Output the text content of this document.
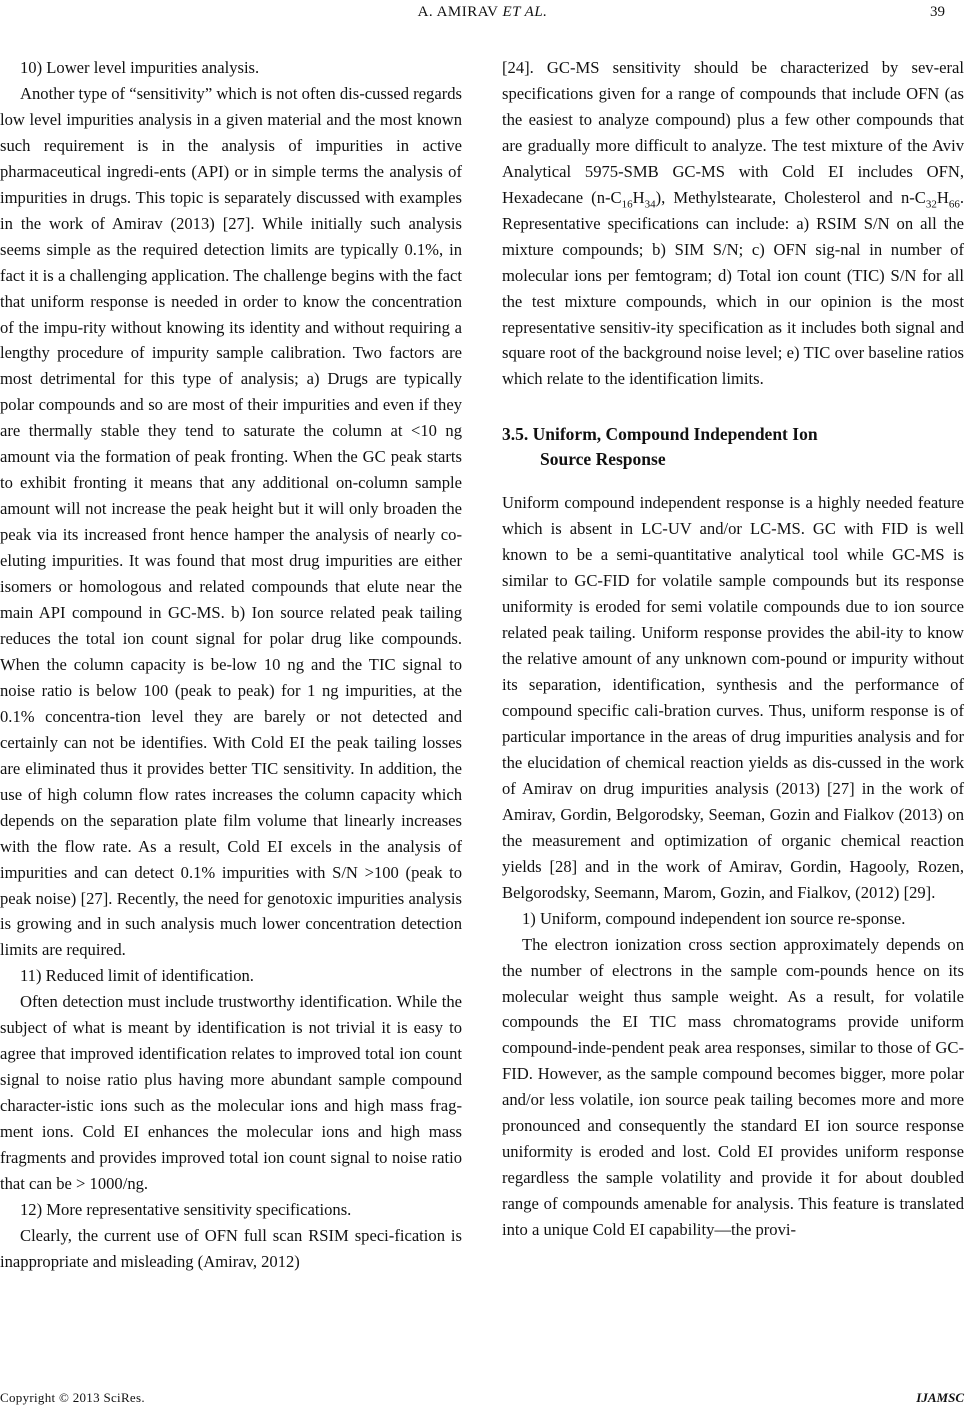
A. AMIRAV ET AL.	39

10) Lower level impurities analysis.

Another type of “sensitivity” which is not often dis-cussed regards low level impurities analysis in a given material and the most known such requirement is in the analysis of impurities in active pharmaceutical ingredi-ents (API) or in simple terms the analysis of impurities in drugs. This topic is separately discussed with examples in the work of Amirav (2013) [27]. While initially such analysis seems simple as the required detection limits are typically 0.1%, in fact it is a challenging application. The challenge begins with the fact that uniform response is needed in order to know the concentration of the impu-rity without knowing its identity and without requiring a lengthy procedure of impurity sample calibration. Two factors are most detrimental for this type of analysis; a) Drugs are typically polar compounds and so are most of their impurities and even if they are thermally stable they tend to saturate the column at <10 ng amount via the formation of peak fronting. When the GC peak starts to exhibit fronting it means that any additional on-column sample amount will not increase the peak height but it will only broaden the peak via its increased front hence hamper the analysis of nearly co-eluting impurities. It was found that most drug impurities are either isomers or homologous and related compounds that elute near the main API compound in GC-MS. b) Ion source related peak tailing reduces the total ion count signal for polar drug like compounds. When the column capacity is be-low 10 ng and the TIC signal to noise ratio is below 100 (peak to peak) for 1 ng impurities, at the 0.1% concentra-tion level they are barely or not detected and certainly can not be identifies. With Cold EI the peak tailing losses are eliminated thus it provides better TIC sensitivity. In addition, the use of high column flow rates increases the column capacity which depends on the separation plate film volume that linearly increases with the flow rate. As a result, Cold EI excels in the analysis of impurities and can detect 0.1% impurities with S/N >100 (peak to peak noise) [27]. Recently, the need for genotoxic impurities analysis is growing and in such analysis much lower concentration detection limits are required.

11) Reduced limit of identification.

Often detection must include trustworthy identification. While the subject of what is meant by identification is not trivial it is easy to agree that improved identification relates to improved total ion count signal to noise ratio plus having more abundant sample compound character-istic ions such as the molecular ions and high mass frag-ment ions. Cold EI enhances the molecular ions and high mass fragments and provides improved total ion count signal to noise ratio that can be > 1000/ng.

12) More representative sensitivity specifications.

Clearly, the current use of OFN full scan RSIM speci-fication is inappropriate and misleading (Amirav, 2012)

[24]. GC-MS sensitivity should be characterized by sev-eral specifications given for a range of compounds that include OFN (as the easiest to analyze compound) plus a few other compounds that are gradually more difficult to analyze. The test mixture of the Aviv Analytical 5975-SMB GC-MS with Cold EI includes OFN, Hexadecane $(n-C_{16}H_{34})$, Methylstearate, Cholesterol and $n-C_{32}H_{66}$. Representative specifications can include: a) RSIM S/N on all the mixture compounds; b) SIM S/N; c) OFN sig-nal in number of molecular ions per femtogram; d) Total ion count (TIC) S/N for all the test mixture compounds, which in our opinion is the most representative sensitiv-ity specification as it includes both signal and square root of the background noise level; e) TIC over baseline ratios which relate to the identification limits.

3.5. Uniform, Compound Independent Ion
Source Response

Uniform compound independent response is a highly needed feature which is absent in LC-UV and/or LC-MS. GC with FID is well known to be a semi-quantitative analytical tool while GC-MS is similar to GC-FID for volatile sample compounds but its response uniformity is eroded for semi volatile compounds due to ion source related peak tailing. Uniform response provides the abil-ity to know the relative amount of any unknown com-pound or impurity without its separation, identification, synthesis and the performance of compound specific cali-bration curves. Thus, uniform response is of particular importance in the areas of drug impurities analysis and for the elucidation of chemical reaction yields as dis-cussed in the work of Amirav on drug impurities analysis (2013) [27] in the work of Amirav, Gordin, Belgorodsky, Seeman, Gozin and Fialkov (2013) on the measurement and optimization of organic chemical reaction yields [28] and in the work of Amirav, Gordin, Hagooly, Rozen, Belgorodsky, Seemann, Marom, Gozin, and Fialkov, (2012) [29].

1) Uniform, compound independent ion source re-sponse.

The electron ionization cross section approximately depends on the number of electrons in the sample com-pounds hence on its molecular weight thus sample weight. As a result, for volatile compounds the EI TIC mass chromatograms provide uniform compound-inde-pendent peak area responses, similar to those of GC-FID. However, as the sample compound becomes bigger, more polar and/or less volatile, ion source peak tailing becomes more and more pronounced and consequently the standard EI ion source response uniformity is eroded and lost. Cold EI provides uniform response regardless the sample volatility and provide it for about doubled range of compounds amenable for analysis. This feature is translated into a unique Cold EI capability—the provi-

Copyright © 2013 SciRes.	IJAMSC
